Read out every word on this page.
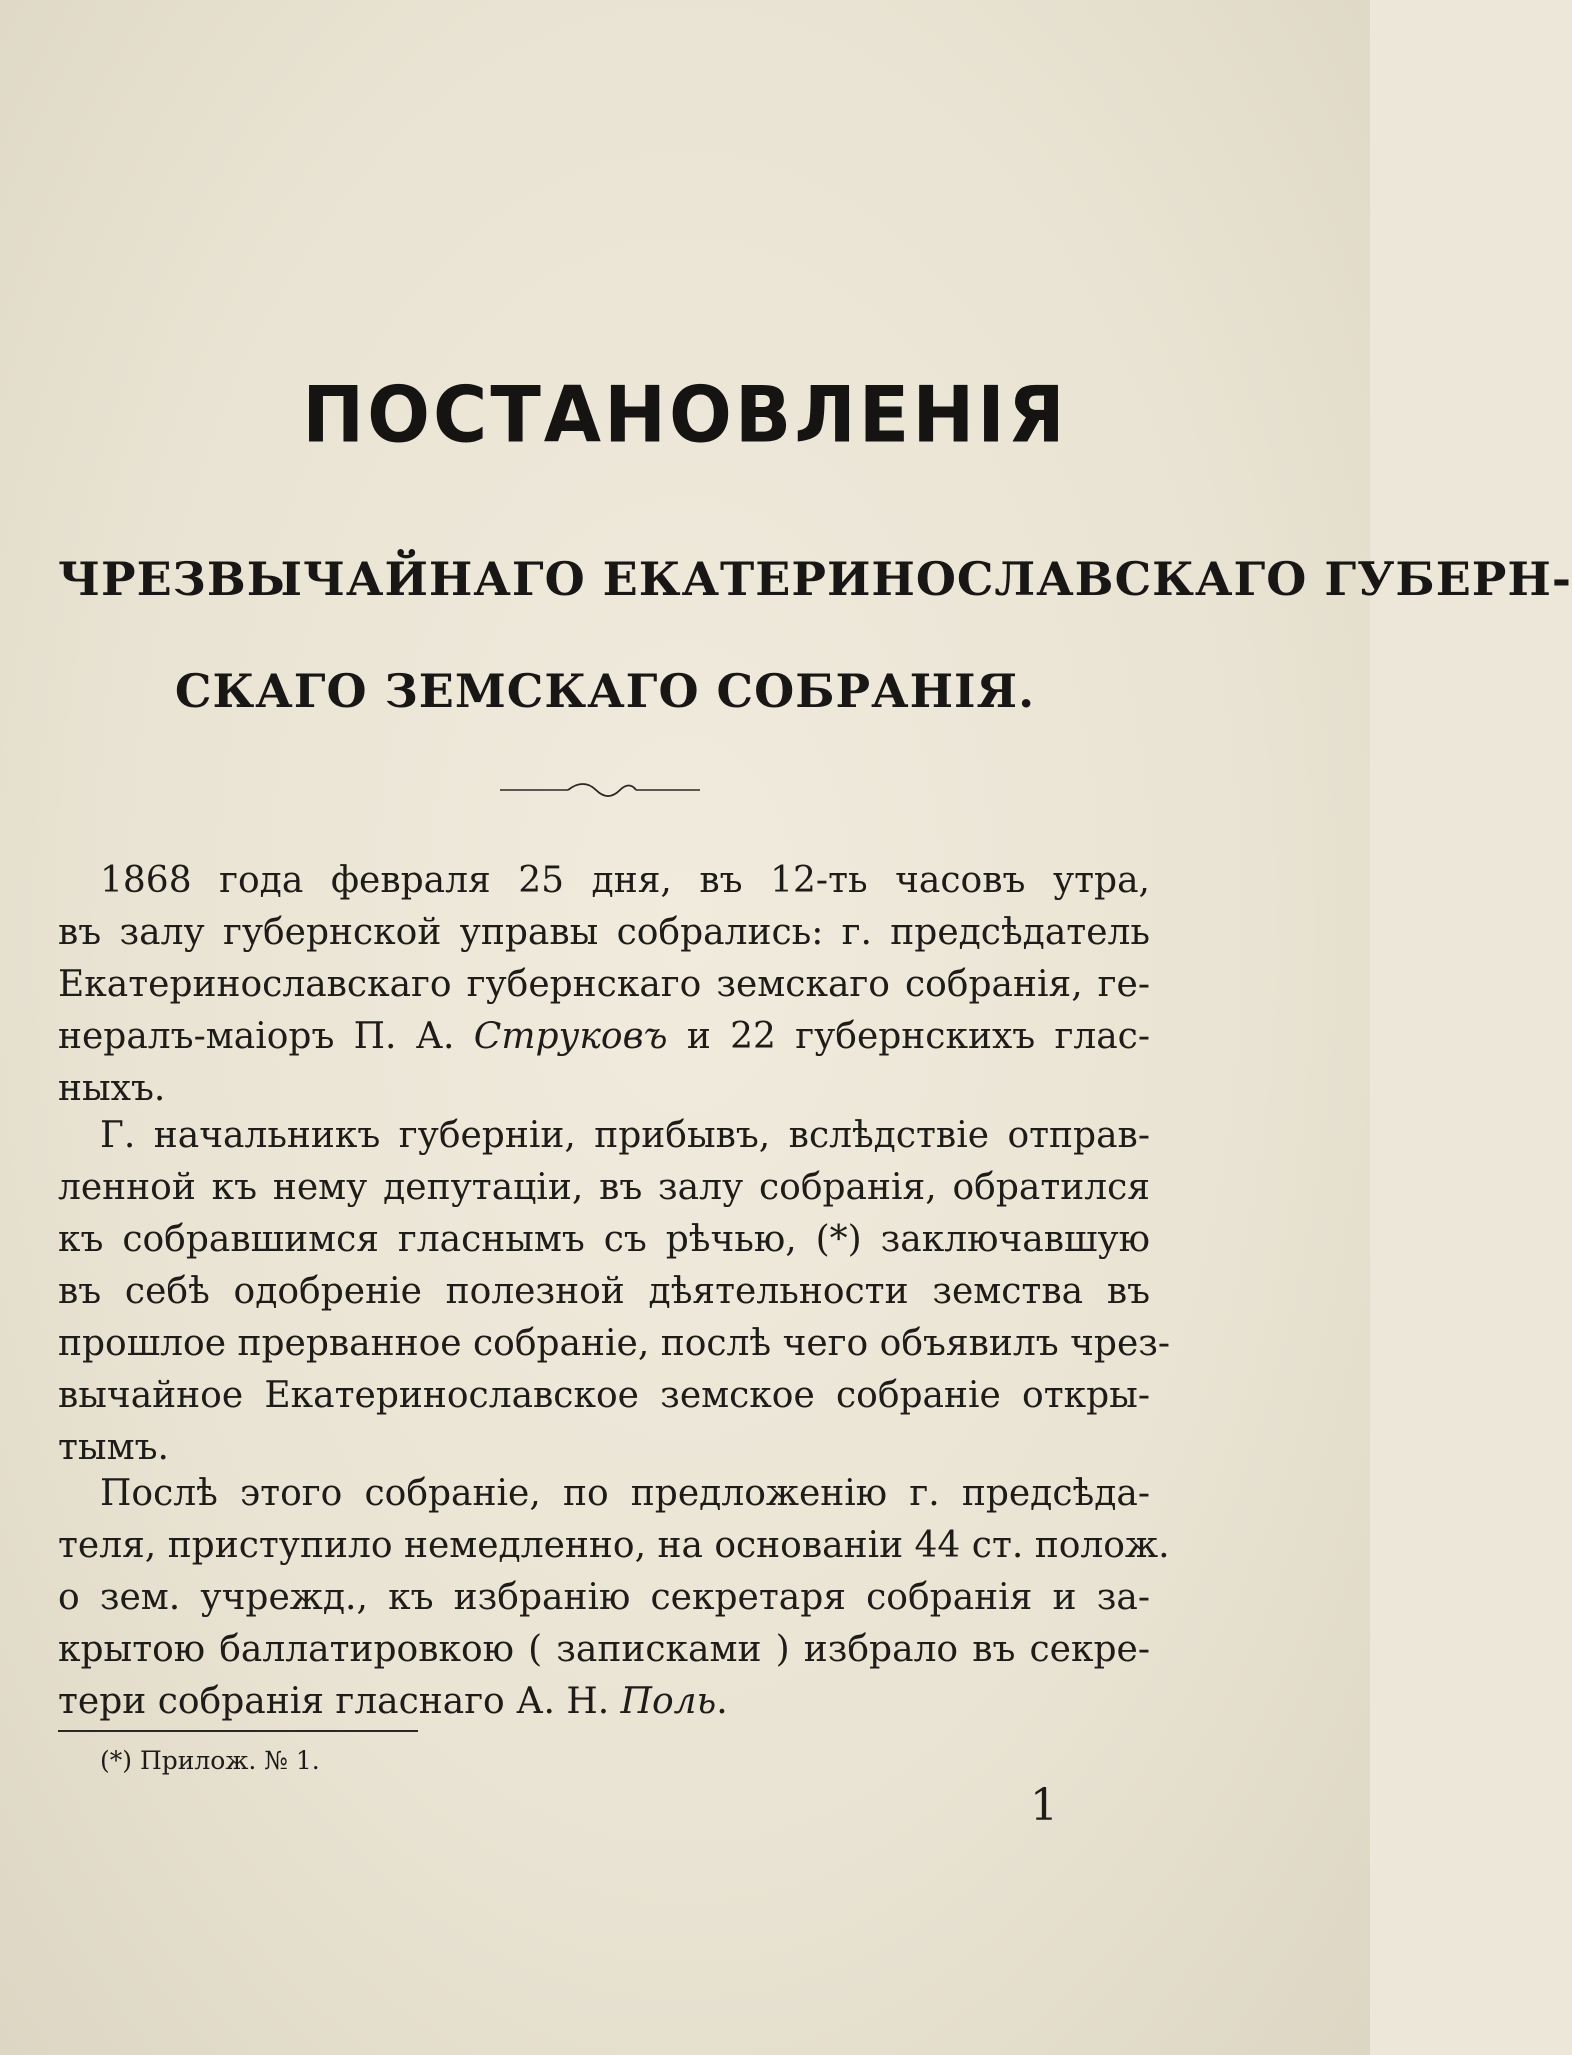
ПОСТАНОВЛЕНІЯ
ЧРЕЗВЫЧАЙНАГО ЕКАТЕРИНОСЛАВСКАГО ГУБЕРН-
СКАГО ЗЕМСКАГО СОБРАНІЯ.
1868 года февраля 25 дня, въ 12-ть часовъ утра,
въ залу губернской управы собрались: г. предсѣдатель
Екатеринославскаго губернскаго земскаго собранія, ге-
нералъ-маіоръ П. А. Струковъ и 22 губернскихъ глас-
ныхъ.
Г. начальникъ губерніи, прибывъ, вслѣдствіе отправ-
ленной къ нему депутаціи, въ залу собранія, обратился
къ собравшимся гласнымъ съ рѣчью, (*) заключавшую
въ себѣ одобреніе полезной дѣятельности земства въ
прошлое прерванное собраніе, послѣ чего объявилъ чрез-
вычайное Екатеринославское земское собраніе откры-
тымъ.
Послѣ этого собраніе, по предложенію г. предсѣда-
теля, приступило немедленно, на основаніи 44 ст. полож.
о зем. учрежд., къ избранію секретаря собранія и за-
крытою баллатировкою ( записками ) избрало въ секре-
тери собранія гласнаго А. Н. Поль.
(*) Прилож. № 1.
1
